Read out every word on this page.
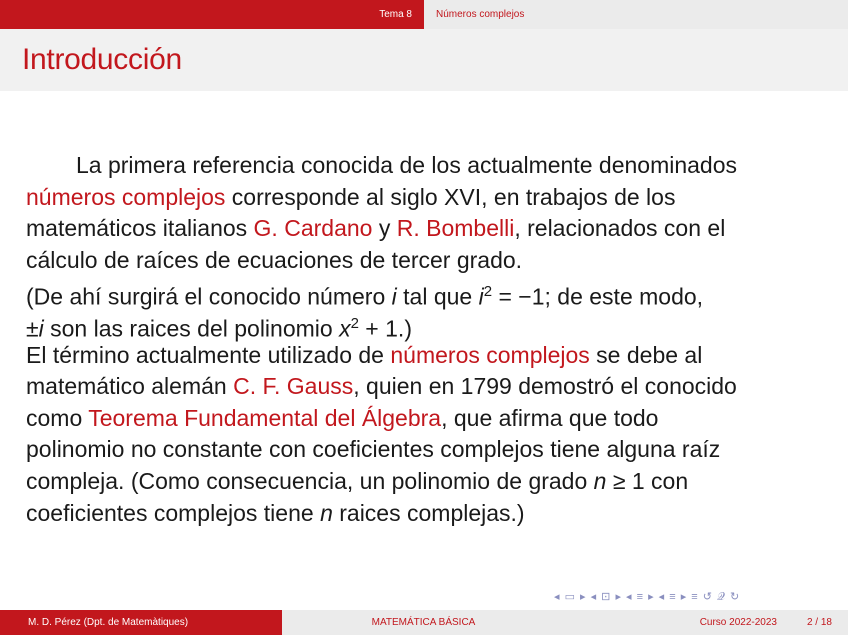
Tema 8 Números complejos
Introducción
La primera referencia conocida de los actualmente denominados
números complejos corresponde al siglo XVI, en trabajos de los
matemáticos italianos G. Cardano y R. Bombelli, relacionados con el
cálculo de raíces de ecuaciones de tercer grado.
(De ahí surgirá el conocido número i tal que $i^2 = -1$; de este modo,
±i son las raices del polinomio $x^2 + 1$.)
El término actualmente utilizado de números complejos se debe al
matemático alemán C. F. Gauss, quien en 1799 demostró el conocido
como Teorema Fundamental del Álgebra, que afirma que todo
polinomio no constante con coeficientes complejos tiene alguna raíz
compleja. (Como consecuencia, un polinomio de grado n ≥ 1 con
coeficientes complejos tiene n raices complejas.)
◂ ▭ ▸ ◂ ⊡ ▸ ◂ ≡ ▸ ◂ ≡ ▸ ≡ ↺ 𝒬 ↻
M. D. Pérez (Dpt. de Matemàtiques)	MATEMÁTICA BÁSICA	Curso 2022-2023	2 / 18
